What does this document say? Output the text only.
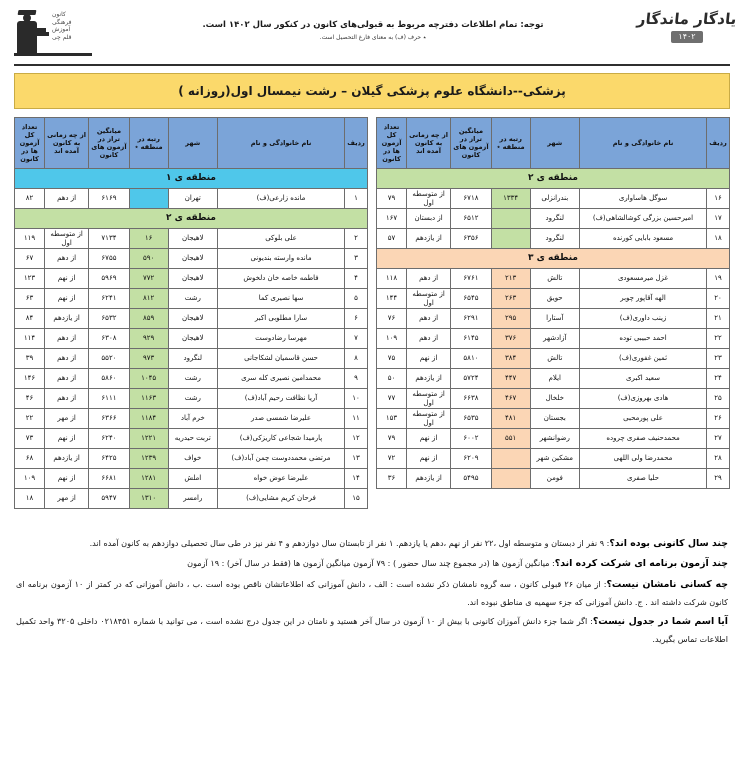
یادگار ماندگار
۱۴۰۲
توجه: تمام اطلاعات دفترچه مربوط به قبولی‌های کانون در کنکور سال ۱۴۰۲ است.
٭ حرف (ف) به معنای فارغ التحصیل است.
کانون
فرهنگی
آموزش
قلم چی
پزشکی--دانشگاه علوم پزشکی گیلان – رشت نیمسال اول(روزانه )
ردیف	نام خانوادگی و نام	شهر	رتبه در منطقه ٭	میانگین تراز در آزمون های کانون	از چه زمانی به کانون آمده اند	تعداد کل آزمون ها در کانون
منطقه ی ۱						
۱	مانده زارعی(ف)	تهران		۶۱۶۹	از دهم	۸۲
منطقه ی ۲						
۲	علی بلوکی	لاهیجان	۱۶	۷۱۳۴	از متوسطه اول	۱۱۹
۳	مانده وارسته بندیونی	لاهیجان	۵۹۰	۶۷۵۵	از دهم	۶۷
۴	فاطمه خاصه خان دلخوش	لاهیجان	۷۷۲	۵۹۶۹	از نهم	۱۲۳
۵	سها نصیری کما	رشت	۸۱۲	۶۲۴۱	از نهم	۶۳
۶	سارا مطلوبی اکبر	لاهیجان	۸۵۹	۶۵۳۲	از یازدهم	۸۴
۷	مهرسا رضادوست	لاهیجان	۹۲۹	۶۳۰۸	از دهم	۱۱۴
۸	حسن قاسمیان لشکاجانی	لنگرود	۹۷۳	۵۵۲۰	از دهم	۳۹
۹	محمدامین نصیری کله سری	رشت	۱۰۴۵	۵۸۶۰	از دهم	۱۴۶
۱۰	آریا نظافت رحیم آباد(ف)	رشت	۱۱۶۳	۶۱۱۱	از دهم	۴۶
۱۱	علیرضا شمسی صدر	خرم آباد	۱۱۸۴	۶۳۶۶	از مهر	۲۲
۱۲	پارمیدا شجاعی کاریزکی(ف)	تربت حیدریه	۱۲۲۱	۶۲۴۰	از نهم	۷۳
۱۳	مرتضی محمددوست چمن آباد(ف)	خواف	۱۲۳۹	۶۴۲۵	از یازدهم	۶۸
۱۴	علیرضا عوض خواه	املش	۱۲۸۱	۶۶۸۱	از نهم	۱۰۹
۱۵	فرحان کریم مشایی(ف)	رامسر	۱۳۱۰	۵۹۴۷	از مهر	۱۸
ردیف	نام خانوادگی و نام	شهر	رتبه در منطقه ٭	میانگین تراز در آزمون های کانون	از چه زمانی به کانون آمده اند	تعداد کل آزمون ها در کانون
منطقه ی ۲						
۱۶	سوگل هاساواری	بندرانزلی	۱۳۳۴	۶۷۱۸	از متوسطه اول	۷۹
۱۷	امیرحسین بزرگی کوشالشاهی(ف)	لنگرود		۶۵۱۲	از دبستان	۱۶۷
۱۸	مسعود بابایی کورنده	لنگرود		۶۳۵۶	از یازدهم	۵۷
منطقه ی ۳						
۱۹	غزل میرمسعودی	تالش	۲۱۳	۶۷۶۱	از دهم	۱۱۸
۲۰	الهه آقاپور چوبر	حویق	۲۶۳	۶۵۴۵	از متوسطه اول	۱۴۴
۲۱	زینب داوری(ف)	آستارا	۲۹۵	۶۲۹۱	از دهم	۷۶
۲۲	احمد حبیبی توده	آزادشهر	۳۷۶	۶۱۴۵	از دهم	۱۰۹
۲۳	ثمین غفوری(ف)	تالش	۳۸۴	۵۸۱۰	از نهم	۷۵
۲۴	سعید اکبری	ایلام	۴۴۷	۵۷۲۴	از یازدهم	۵۰
۲۵	هادی بهروزی(ف)	خلخال	۴۶۷	۶۶۳۸	از متوسطه اول	۷۷
۲۶	علی پورمحبی	بجستان	۴۸۱	۶۵۳۵	از متوسطه اول	۱۵۳
۲۷	محمدحنیف صفری چروده	رضوانشهر	۵۵۱	۶۰۰۲	از نهم	۷۹
۲۸	محمدرضا ولی اللهی	مشکین شهر		۶۲۰۹	از نهم	۷۲
۲۹	حلیا صفری	فومن		۵۴۹۵	از یازدهم	۳۶
چند سال کانونی بوده اند؟: ۹ نفر از دبستان و متوسطه اول ،۲۲ نفر از نهم ،دهم یا یازدهم. ۱ نفر از تابستان سال دوازدهم و ۴ نفر نیز در طی سال تحصیلی دوازدهم به کانون آمده اند.
چند آزمون برنامه ای شرکت کرده اند؟: میانگین آزمون ها (در مجموع چند سال حضور ) : ۷۹ آزمون میانگین آزمون ها (فقط در سال آخر) : ۱۹ آزمون
چه کسانی نامشان نیست؟: از میان ۲۶ قبولی کانون ، سه گروه نامشان ذکر نشده است : الف ، دانش آموزانی که اطلاعاتشان ناقص بوده است .ب ، دانش آموزانی که در کمتر از ۱۰ آزمون برنامه ای کانون شرکت داشته اند . ج. دانش آموزانی که جزء سهمیه ی مناطق نبوده اند.
آیا اسم شما در جدول نیست؟: اگر شما جزء دانش آموزان کانونی با بیش از ۱۰ آزمون در سال آخر هستید و نامتان در این جدول درج نشده است ، می توانید با شماره ۰۲۱۸۴۵۱ داخلی ۳۲۰۵ واحد تکمیل اطلاعات تماس بگیرید.
